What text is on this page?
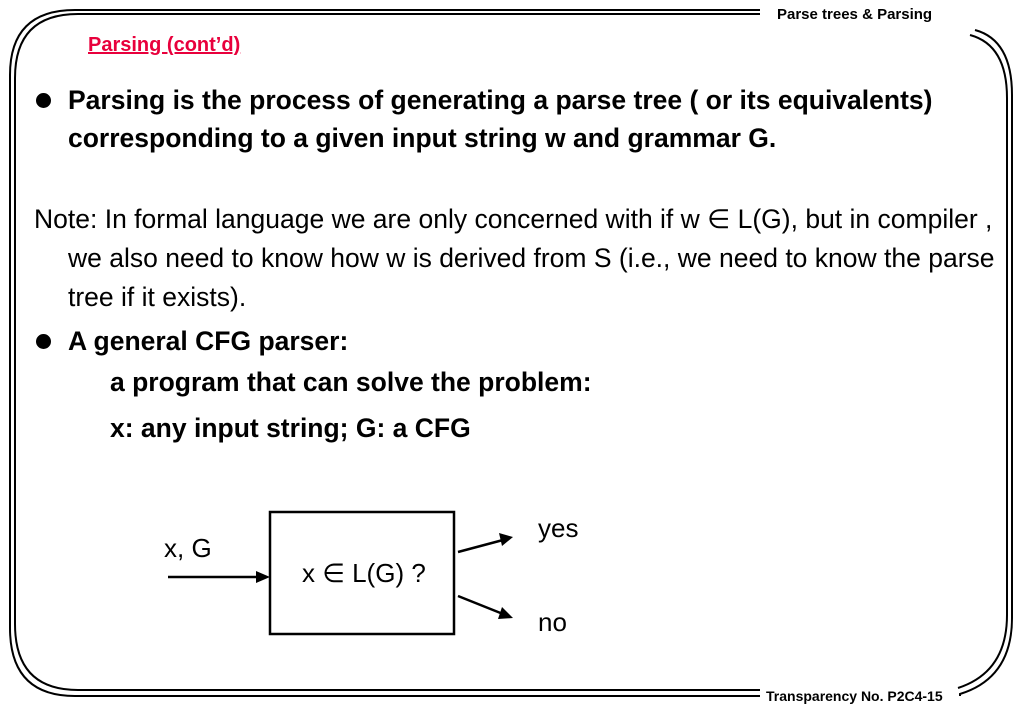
Parse trees & Parsing
Parsing (cont’d)
Parsing is the process of generating a parse tree ( or its equivalents) corresponding to a given input string w and grammar G.
Note: In formal language we are only concerned with if w ∈ L(G), but in compiler , we also need to know how w is derived from S (i.e., we need to know the parse tree if it exists).
A general CFG parser:
a program that can solve the problem:
x: any input string; G: a CFG
x, G
x ∈ L(G) ?
yes
no
Transparency No. P2C4-15
